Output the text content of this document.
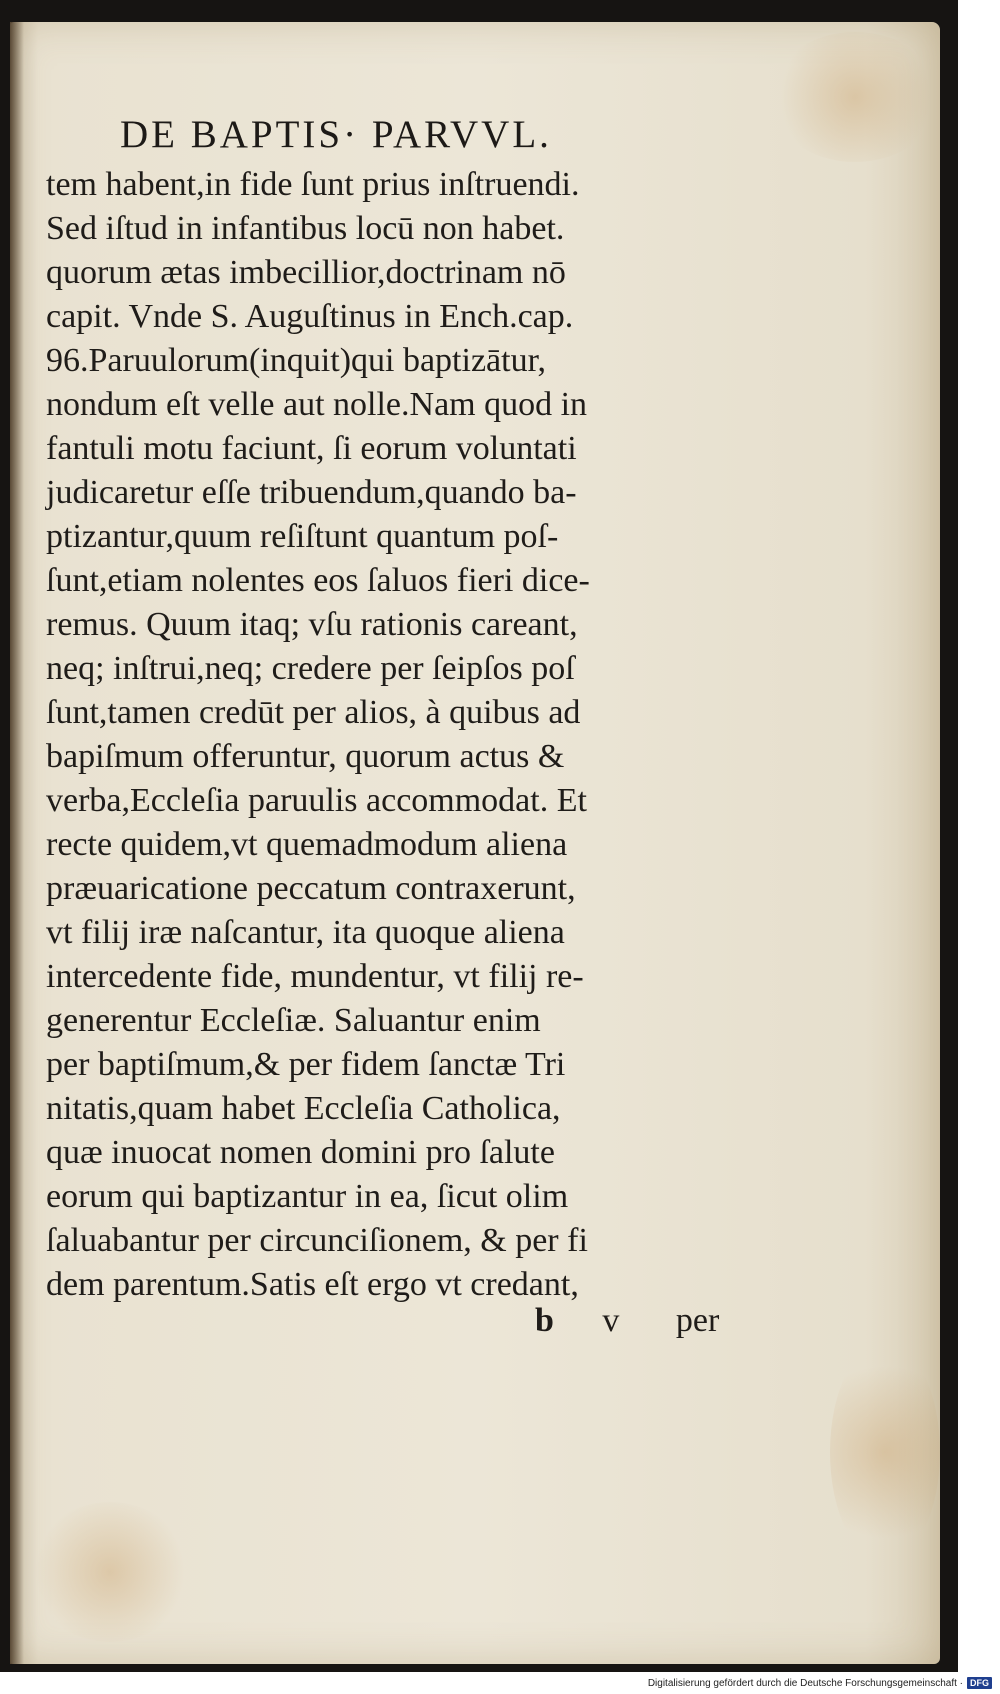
DE BAPTIS· PARVVL.
tem habent,in fide ſunt prius inſtruendi.
Sed iſtud in infantibus locū non habet.
quorum ætas imbecillior,doctrinam nō
capit. Vnde S. Auguſtinus in Ench.cap.
96.Paruulorum(inquit)qui baptizātur,
nondum eſt velle aut nolle.Nam quod in
fantuli motu faciunt, ſi eorum voluntati
judicaretur eſſe tribuendum,quando ba-
ptizantur,quum reſiſtunt quantum poſ-
ſunt,etiam nolentes eos ſaluos fieri dice-
remus. Quum itaq; vſu rationis careant,
neq; inſtrui,neq; credere per ſeipſos poſ
ſunt,tamen credūt per alios, à quibus ad
bapiſmum offeruntur, quorum actus &
verba,Eccleſia paruulis accommodat. Et
recte quidem,vt quemadmodum aliena
præuaricatione peccatum contraxerunt,
vt filij iræ naſcantur, ita quoque aliena
intercedente fide, mundentur, vt filij re-
generentur Eccleſiæ. Saluantur enim
per baptiſmum,& per fidem ſanctæ Tri
nitatis,quam habet Eccleſia Catholica,
quæ inuocat nomen domini pro ſalute
eorum qui baptizantur in ea, ſicut olim
ſaluabantur per circunciſionem, & per fi
dem parentum.Satis eſt ergo vt credant,
b v per
Digitalisierung gefördert durch die Deutsche Forschungsgemeinschaft · DFG
